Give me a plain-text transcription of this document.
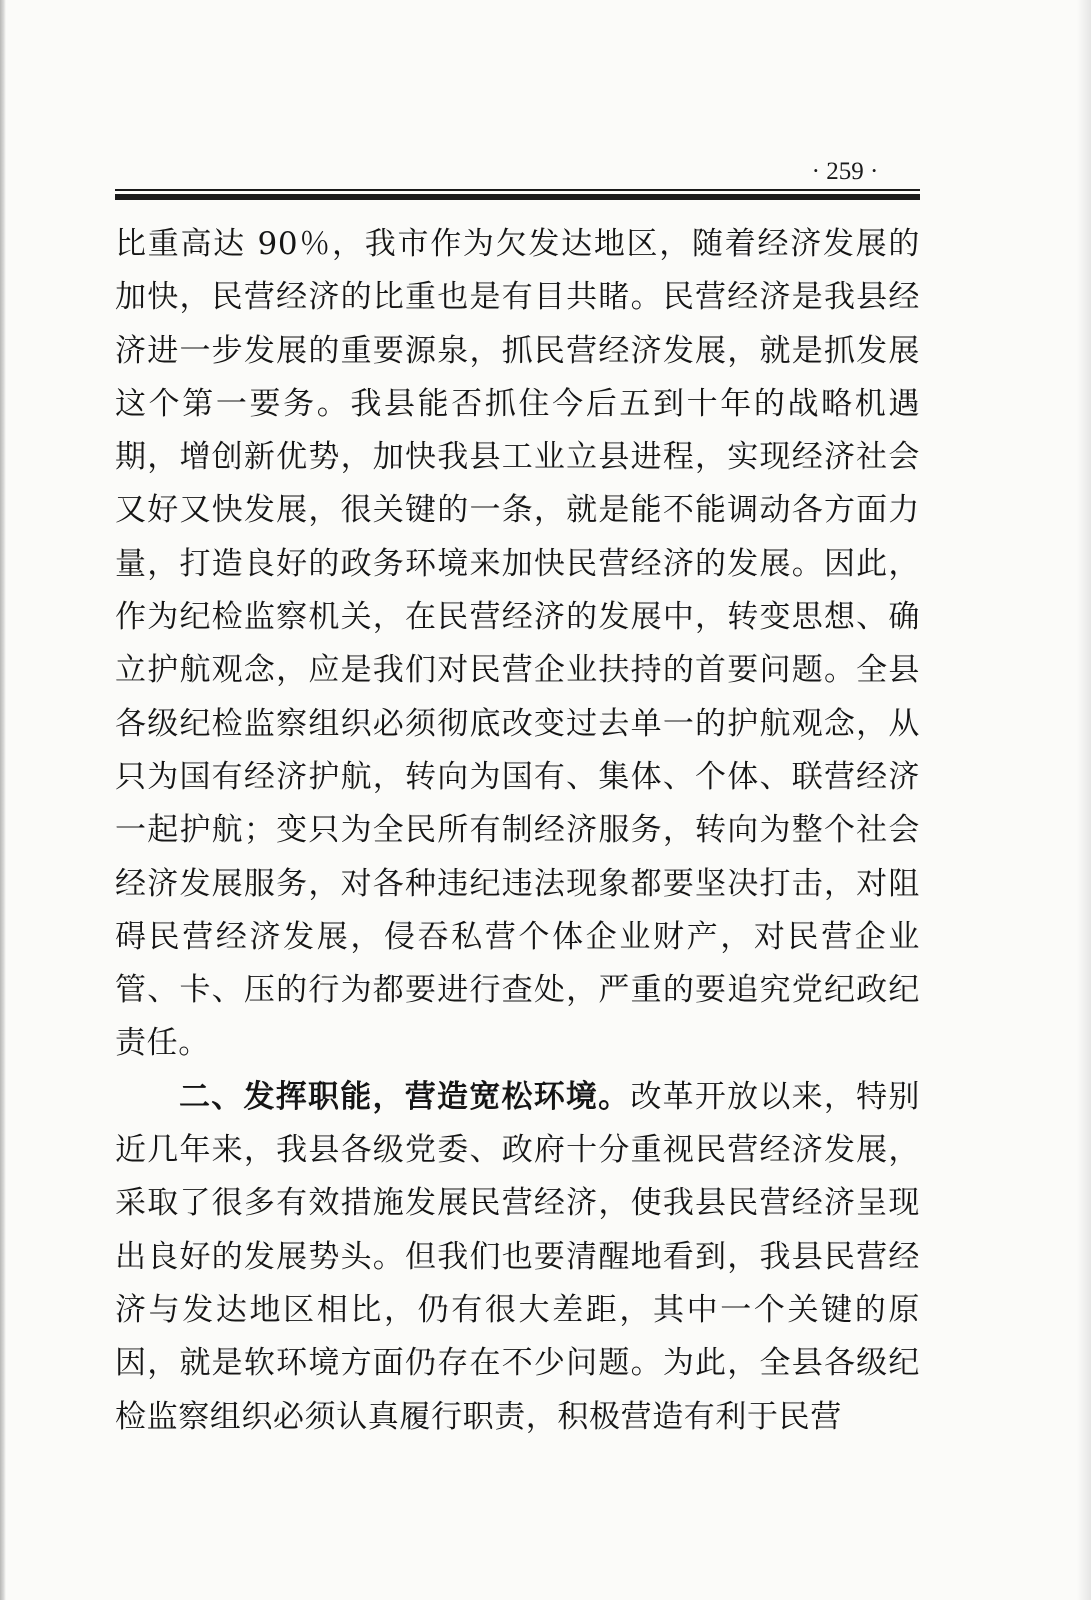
· 259 ·

比重高达 90％，我市作为欠发达地区，随着经济发展的加快，民营经济的比重也是有目共睹。民营经济是我县经济进一步发展的重要源泉，抓民营经济发展，就是抓发展这个第一要务。我县能否抓住今后五到十年的战略机遇期，增创新优势，加快我县工业立县进程，实现经济社会又好又快发展，很关键的一条，就是能不能调动各方面力量，打造良好的政务环境来加快民营经济的发展。因此，作为纪检监察机关，在民营经济的发展中，转变思想、确立护航观念，应是我们对民营企业扶持的首要问题。全县各级纪检监察组织必须彻底改变过去单一的护航观念，从只为国有经济护航，转向为国有、集体、个体、联营经济一起护航；变只为全民所有制经济服务，转向为整个社会经济发展服务，对各种违纪违法现象都要坚决打击，对阻碍民营经济发展，侵吞私营个体企业财产，对民营企业管、卡、压的行为都要进行查处，严重的要追究党纪政纪责任。

二、发挥职能，营造宽松环境。改革开放以来，特别近几年来，我县各级党委、政府十分重视民营经济发展，采取了很多有效措施发展民营经济，使我县民营经济呈现出良好的发展势头。但我们也要清醒地看到，我县民营经济与发达地区相比，仍有很大差距，其中一个关键的原因，就是软环境方面仍存在不少问题。为此，全县各级纪检监察组织必须认真履行职责，积极营造有利于民营
